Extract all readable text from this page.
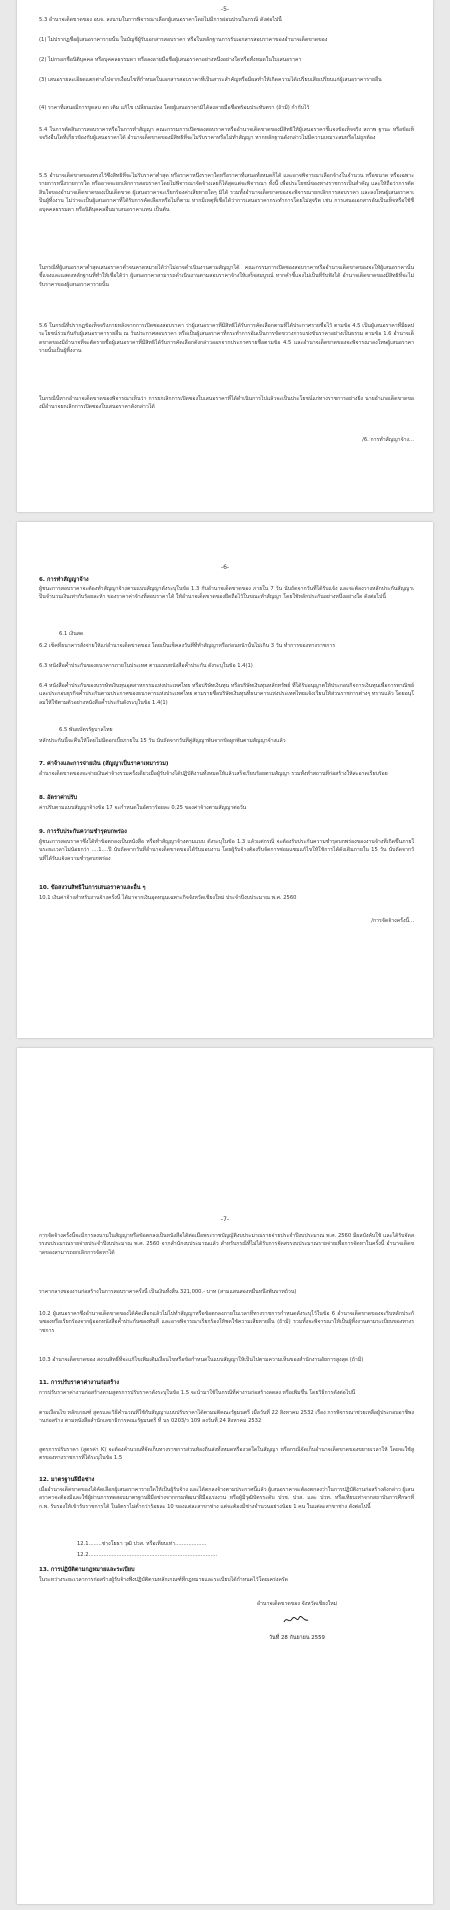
-5-
5.3 อำนาจเด็ดขาดของ อบจ. ลงนามในการพิจารณาเลือกผู้เสนอราคาโดยไม่มีการผ่อนปรนในกรณี ดังต่อไปนี้
(1) ไม่ปรากฏชื่อผู้เสนอราคารายนั้น ในบัญชีผู้รับเอกสารสอบราคา หรือในหลักฐานการรับเอกสารสอบราคาของอำนาจเด็ดขาดของ
(2) ไม่กรอกชื่อนิติบุคคล หรือบุคคลธรรมดา หรือลงลายมือชื่อผู้เสนอราคาอย่างหนึ่งอย่างใดหรือทั้งหมดในใบเสนอราคา
(3) เสนอรายละเอียดแตกต่างไปจากเงื่อนไขที่กำหนดในเอกสารสอบราคาที่เป็นสาระสำคัญหรือมีผลทำให้เกิดความได้เปรียบเสียเปรียบแก่ผู้เสนอราคารายอื่น
(4) ราคาที่เสนอมีการขูดลบ ตก เติม แก้ไข เปลี่ยนแปลง โดยผู้เสนอราคามิได้ลงลายมือชื่อพร้อมประทับตรา (ถ้ามี) กำกับไว้
5.4 ในการตัดสินการสอบราคาหรือในการทำสัญญา คณะกรรมการเปิดซองสอบราคาหรืออำนาจเด็ดขาดของมีสิทธิให้ผู้เสนอราคาชี้แจงข้อเท็จจริง สภาพ ฐานะ หรือข้อเท็จจริงอื่นใดที่เกี่ยวข้องกับผู้เสนอราคาได้ อำนาจเด็ดขาดของมีสิทธิที่จะไม่รับราคาหรือไม่ทำสัญญา หากหลักฐานดังกล่าวไม่มีความเหมาะสมหรือไม่ถูกต้อง
5.5 อำนาจเด็ดขาดของทรงไว้ซึ่งสิทธิที่จะไม่รับราคาต่ำสุด หรือราคาหนึ่งราคาใดหรือราคาที่เสนอทั้งหมดก็ได้ และอาจพิจารณาเลือกจ้างในจำนวน หรือขนาด หรือเฉพาะรายการหนึ่งรายการใด หรืออาจจะยกเลิกการสอบราคาโดยไม่พิจารณาจัดจ้างเลยก็ได้สุดแต่จะพิจารณา ทั้งนี้ เพื่อประโยชน์ของทางราชการเป็นสำคัญ และให้ถือว่าการตัดสินใจของอำนาจเด็ดขาดของเป็นเด็ดขาด ผู้เสนอราคาจะเรียกร้องค่าเสียหายใดๆ มิได้ รวมทั้งอำนาจเด็ดขาดของจะพิจารณายกเลิกการสอบราคา และลงโทษผู้เสนอราคาเป็นผู้ทิ้งงาน ไม่ว่าจะเป็นผู้เสนอราคาที่ได้รับการคัดเลือกหรือไม่ก็ตาม หากมีเหตุที่เชื่อได้ว่าการเสนอราคากระทำการโดยไม่สุจริต เช่น การเสนอเอกสารอันเป็นเท็จหรือใช้ชื่อบุคคลธรรมดา หรือนิติบุคคลอื่นมาเสนอราคาแทน เป็นต้น
ในกรณีที่ผู้เสนอราคาต่ำสุดเสนอราคาต่ำจนคาดหมายได้ว่าไม่อาจดำเนินงานตามสัญญาได้ คณะกรรมการเปิดซองสอบราคาหรืออำนาจเด็ดขาดของจะให้ผู้เสนอราคานั้น ชี้แจงและแสดงหลักฐานที่ทำให้เชื่อได้ว่า ผู้เสนอราคาสามารถดำเนินงานตามสอบราคาจ้างให้เสร็จสมบูรณ์ หากคำชี้แจงไม่เป็นที่รับฟังได้ อำนาจเด็ดขาดของมีสิทธิที่จะไม่รับราคาของผู้เสนอราคารายนั้น
5.6 ในกรณีที่ปรากฏข้อเท็จจริงภายหลังจากการเปิดซองสอบราคา ว่าผู้เสนอราคาที่มีสิทธิได้รับการคัดเลือกตามที่ได้ประกาศรายชื่อไว้ ตามข้อ 4.5 เป็นผู้เสนอราคาที่มีผลประโยชน์ร่วมกันกับผู้เสนอราคารายอื่น ณ วันประกาศสอบราคา หรือเป็นผู้เสนอราคาที่กระทำการอันเป็นการขัดขวางการแข่งขันราคาอย่างเป็นธรรม ตามข้อ 1.6 อำนาจเด็ดขาดของมีอำนาจที่จะตัดรายชื่อผู้เสนอราคาที่มีสิทธิได้รับการคัดเลือกดังกล่าวออกจากประกาศรายชื่อตามข้อ 4.5 และอำนาจเด็ดขาดของจะพิจารณาลงโทษผู้เสนอราคารายนั้นเป็นผู้ทิ้งงาน
ในกรณีนี้หากอำนาจเด็ดขาดของพิจารณาเห็นว่า การยกเลิกการเปิดซองใบเสนอราคาที่ได้ดำเนินการไปแล้วจะเป็นประโยชน์แก่ทางราชการอย่างยิ่ง นายอำเภอเด็ดขาดของมีอำนาจยกเลิกการเปิดซองใบเสนอราคาดังกล่าวได้
/6. การทำสัญญาจ้าง...
-6-
6. การทำสัญญาจ้าง
ผู้ชนะการสอบราคาจะต้องทำสัญญาจ้างตามแบบสัญญาดังระบุในข้อ 1.3 กับอำนาจเด็ดขาดของ ภายใน 7 วัน นับถัดจากวันที่ได้รับแจ้ง และจะต้องวางหลักประกันสัญญาเป็นจำนวนเงินเท่ากับร้อยละห้า ของราคาค่าจ้างที่สอบราคาได้ ให้อำนาจเด็ดขาดของยึดถือไว้ในขณะทำสัญญา โดยใช้หลักประกันอย่างหนึ่งอย่างใด ดังต่อไปนี้
6.1 เงินสด
6.2 เช็คที่ธนาคารสั่งจ่ายให้แก่อำนาจเด็ดขาดของ โดยเป็นเช็คลงวันที่ที่ทำสัญญาหรือก่อนหน้านั้นไม่เกิน 3 วัน ทำการของทางราชการ
6.3 หนังสือค้ำประกันของธนาคารภายในประเทศ ตามแบบหนังสือค้ำประกัน ดังระบุในข้อ 1.4(1)
6.4 หนังสือค้ำประกันของบรรษัทเงินทุนอุตสาหกรรมแห่งประเทศไทย หรือบริษัทเงินทุน หรือบริษัทเงินทุนหลักทรัพย์ ที่ได้รับอนุญาตให้ประกอบกิจการเงินทุนเพื่อการพาณิชย์และประกอบธุรกิจค้ำประกันตามประกาศของธนาคารแห่งประเทศไทย ตามรายชื่อบริษัทเงินทุนที่ธนาคารแห่งประเทศไทยแจ้งเวียนให้ส่วนราชการต่างๆ ทราบแล้ว โดยอนุโลมให้ใช้ตามตัวอย่างหนังสือค้ำประกันดังระบุในข้อ 1.4(1)
6.5 พันธบัตรรัฐบาลไทย
หลักประกันนี้จะคืนให้โดยไม่มีดอกเบี้ยภายใน 15 วัน นับถัดจากวันที่คู่สัญญาพ้นจากข้อผูกพันตามสัญญาจ้างแล้ว
7. ค่าจ้างและการจ่ายเงิน (สัญญาเป็นราคาเหมารวม)
อำนาจเด็ดขาดของจะจ่ายเงินค่าจ้างรวมครั้งเดียวเมื่อผู้รับจ้างได้ปฏิบัติงานทั้งหมดให้แล้วเสร็จเรียบร้อยตามสัญญา รวมทั้งทำสถานที่ก่อสร้างให้สะอาดเรียบร้อย
8. อัตราค่าปรับ
ค่าปรับตามแบบสัญญาจ้างข้อ 17 จะกำหนดในอัตราร้อยละ 0.25 ของค่าจ้างตามสัญญาต่อวัน
9. การรับประกันความชำรุดบกพร่อง
ผู้ชนะการสอบราคาซึ่งได้ทำข้อตกลงเป็นหนังสือ หรือทำสัญญาจ้างตามแบบ ดังระบุในข้อ 1.3 แล้วแต่กรณี จะต้องรับประกันความชำรุดบกพร่องของงานจ้างที่เกิดขึ้นภายในระยะเวลาไม่น้อยกว่า ....1....ปี นับถัดจากวันที่อำนาจเด็ดขาดของได้รับมอบงาน โดยผู้รับจ้างต้องรีบจัดการซ่อมแซมแก้ไขให้ใช้การได้ดังเดิมภายใน 15 วัน นับถัดจากวันที่ได้รับแจ้งความชำรุดบกพร่อง
10. ข้อสงวนสิทธิในการเสนอราคาและอื่น ๆ
10.1 เงินค่าจ้างสำหรับงานจ้างครั้งนี้ ได้มาจากเงินอุดหนุนเฉพาะกิจจังหวัดเชียงใหม่ ประจำปีงบประมาณ พ.ศ. 2560
/การจัดจ้างครั้งนี้...
-7-
การจัดจ้างครั้งนี้จะมีการลงนามในสัญญาหรือข้อตกลงเป็นหนังสือได้ต่อเมื่อพระราชบัญญัติงบประมาณรายจ่ายประจำปีงบประมาณ พ.ศ. 2560 มีผลบังคับใช้ และได้รับจัดสรรงบประมาณรายจ่ายประจำปีงบประมาณ พ.ศ. 2560 จากสำนักงบประมาณแล้ว สำหรับกรณีที่ไม่ได้รับการจัดสรรงบประมาณรายจ่ายเพื่อการจัดหาในครั้งนี้ อำนาจเด็ดขาดของสามารถยกเลิกการจัดหาได้
ราคากลางของงานก่อสร้างในการสอบราคาครั้งนี้ เป็นเงินทั้งสิ้น 321,000.- บาท (สามแสนสองหมื่นหนึ่งพันบาทถ้วน)
10.2 ผู้เสนอราคาซึ่งอำนาจเด็ดขาดของได้คัดเลือกแล้วไม่ไปทำสัญญาหรือข้อตกลงภายในเวลาที่ทางราชการกำหนดดังระบุไว้ในข้อ 6 อำนาจเด็ดขาดของจะริบหลักประกันซองหรือเรียกร้องจากผู้ออกหนังสือค้ำประกันซองทันที และอาจพิจารณาเรียกร้องให้ชดใช้ความเสียหายอื่น (ถ้ามี) รวมทั้งจะพิจารณาให้เป็นผู้ทิ้งงานตามระเบียบของทางราชการ
10.3 อำนาจเด็ดขาดของ สงวนสิทธิ์ที่จะแก้ไขเพิ่มเติมเงื่อนไขหรือข้อกำหนดในแบบสัญญาให้เป็นไปตามความเห็นของสำนักงานอัยการสูงสุด (ถ้ามี)
11. การปรับราคาค่างานก่อสร้าง
การปรับราคาค่างานก่อสร้างตามสูตรการปรับราคาดังระบุในข้อ 1.5 จะนำมาใช้ในกรณีที่ค่างานก่อสร้างลดลง หรือเพิ่มขึ้น โดยวิธีการดังต่อไปนี้
ตามเงื่อนไข หลักเกณฑ์ สูตรและวิธีคำนวณที่ใช้กับสัญญาแบบปรับราคาได้ตามมติคณะรัฐมนตรี เมื่อวันที่ 22 สิงหาคม 2532 เรื่อง การพิจารณาช่วยเหลือผู้ประกอบอาชีพงานก่อสร้าง ตามหนังสือสำนักเลขาธิการคณะรัฐมนตรี ที่ นร 0203/ว 109 ลงวันที่ 24 สิงหาคม 2532
สูตรการปรับราคา (สูตรค่า K) จะต้องคำนวณที่จัดเก็บทางราชการส่วนท้องถิ่นส่งทั้งหมดหรืองวดใดในสัญญา หรือกรณีจัดเก็บอำนาจเด็ดขาดของขยายเวลาให้ โดยจะใช้สูตรของทางราชการที่ได้ระบุในข้อ 1.5
12. มาตรฐานฝีมือช่าง
เมื่ออำนาจเด็ดขาดของได้คัดเลือกผู้เสนอราคารายใดให้เป็นผู้รับจ้าง และได้ตกลงจ้างตามประกาศนี้แล้ว ผู้เสนอราคาจะต้องตกลงว่าในการปฏิบัติงานก่อสร้างดังกล่าว ผู้เสนอราคาจะต้องมีและใช้ผู้ผ่านการทดสอบมาตรฐานฝีมือช่างจากกรมพัฒนาฝีมือแรงงาน หรือผู้มีวุฒิบัตรระดับ ปวช. ปวส. และ ปวท. หรือเทียบเท่าจากสถาบันการศึกษาที่ ก.พ. รับรองให้เข้ารับราชการได้ ในอัตราไม่ต่ำกว่าร้อยละ 10 ของแต่ละสาขาช่าง แต่จะต้องมีช่างจำนวนอย่างน้อย 1 คน ในแต่ละสาขาช่าง ดังต่อไปนี้
12.1........ช่างโยธา วุฒิ ปวส. หรือเทียบเท่า...................
12.2..............................................................................
13. การปฏิบัติตามกฎหมายและระเบียบ
ในระหว่างระยะเวลาการก่อสร้างผู้รับจ้างพึงปฏิบัติตามหลักเกณฑ์ที่กฎหมายและระเบียบได้กำหนดไว้โดยเคร่งครัด
อำนาจเด็ดขาดของ จังหวัดเชียงใหม่
วันที่ 28 กันยายน 2559
